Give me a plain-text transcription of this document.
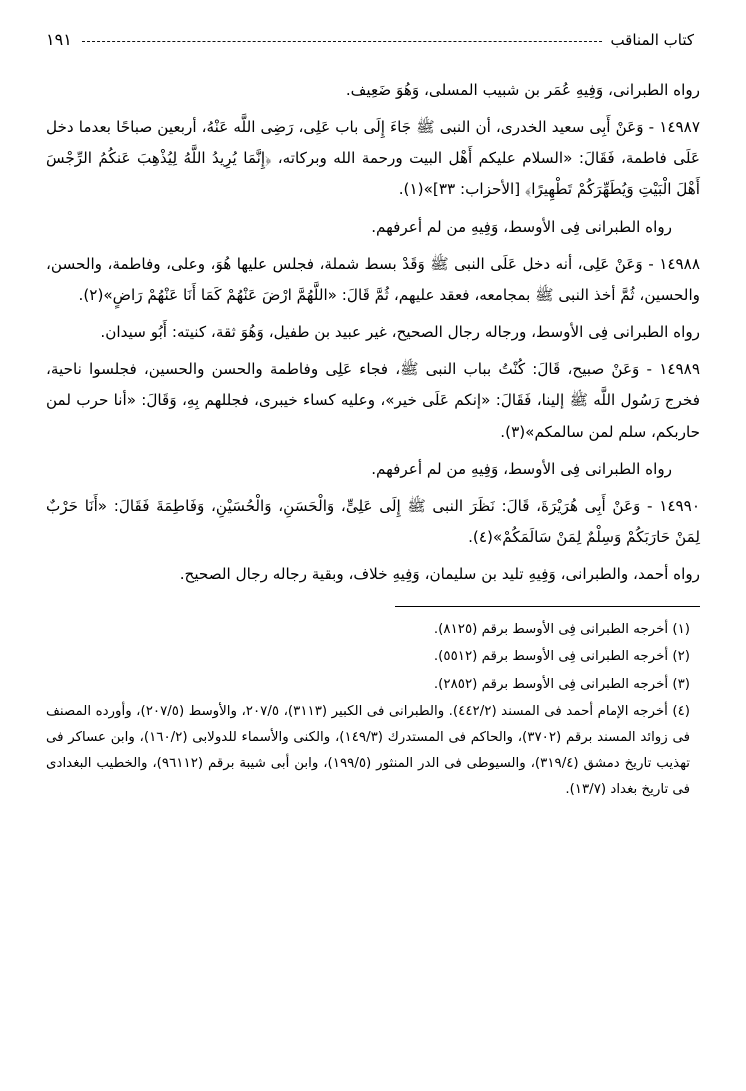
كتاب المناقب
١٩١

رواه الطبرانى، وَفِيهِ عُمَر بن شبيب المسلى، وَهُوَ ضَعِيف.

١٤٩٨٧ - وَعَنْ أَبِى سعيد الخدرى، أن النبى ﷺ جَاءَ إِلَى باب عَلِى، رَضِى اللَّه عَنْهُ، أربعين صباحًا بعدما دخل عَلَى فاطمة، فَقَالَ: «السلام عليكم أَهْل البيت ورحمة الله وبركاته، ﴿إِنَّمَا يُرِيدُ اللَّهُ لِيُذْهِبَ عَنكُمُ الرِّجْسَ أَهْلَ الْبَيْتِ وَيُطَهِّرَكُمْ تَطْهِيرًا﴾ [الأحزاب: ٣٣]»(١).

رواه الطبرانى فِى الأوسط، وَفِيهِ من لم أعرفهم.

١٤٩٨٨ - وَعَنْ عَلِى، أنه دخل عَلَى النبى ﷺ وَقَدْ بسط شملة، فجلس عليها هُوَ، وعلى، وفاطمة، والحسن، والحسين، ثُمَّ أخذ النبى ﷺ بمجامعه، فعقد عليهم، ثُمَّ قَالَ: «اللَّهُمَّ ارْضَ عَنْهُمْ كَمَا أَنَا عَنْهُمْ رَاضٍ»(٢).

رواه الطبرانى فِى الأوسط، ورجاله رجال الصحيح، غير عبيد بن طفيل، وَهُوَ ثقة، كنيته: أَبُو سيدان.

١٤٩٨٩ - وَعَنْ صبيح، قَالَ: كُنْتُ بباب النبى ﷺ، فجاء عَلِى وفاطمة والحسن والحسين، فجلسوا ناحية، فخرج رَسُول اللَّه ﷺ إلينا، فَقَالَ: «إنكم عَلَى خير»، وعليه كساء خيبرى، فجللهم بِهِ، وَقَالَ: «أنا حرب لمن حاربكم، سلم لمن سالمكم»(٣).

رواه الطبرانى فِى الأوسط، وَفِيهِ من لم أعرفهم.

١٤٩٩٠ - وَعَنْ أَبِى هُرَيْرَةَ، قَالَ: نَظَرَ النبى ﷺ إِلَى عَلِىٍّ، وَالْحَسَنِ، وَالْحُسَيْنِ، وَفَاطِمَةَ فَقَالَ: «أَنَا حَرْبٌ لِمَنْ حَارَبَكُمْ وَسِلْمٌ لِمَنْ سَالَمَكُمْ»(٤).

رواه أحمد، والطبرانى، وَفِيهِ تليد بن سليمان، وَفِيهِ خلاف، وبقية رجاله رجال الصحيح.

(١) أخرجه الطبرانى فِى الأوسط برقم (٨١٢٥).

(٢) أخرجه الطبرانى فِى الأوسط برقم (٥٥١٢).

(٣) أخرجه الطبرانى فِى الأوسط برقم (٢٨٥٢).

(٤) أخرجه الإمام أحمد فى المسند (٤٤٢/٢). والطبرانى فى الكبير (٣١١٣)، ٢٠٧/٥، والأوسط (٢٠٧/٥)، وأورده المصنف فى زوائد المسند برقم (٣٧٠٢)، والحاكم فى المستدرك (١٤٩/٣)، والكنى والأسماء للدولابى (١٦٠/٢)، وابن عساكر فى تهذيب تاريخ دمشق (٣١٩/٤)، والسيوطى فى الدر المنثور (١٩٩/٥)، وابن أبى شيبة برقم (٩٦١١٢)، والخطيب البغدادى فى تاريخ بغداد (١٣/٧).
